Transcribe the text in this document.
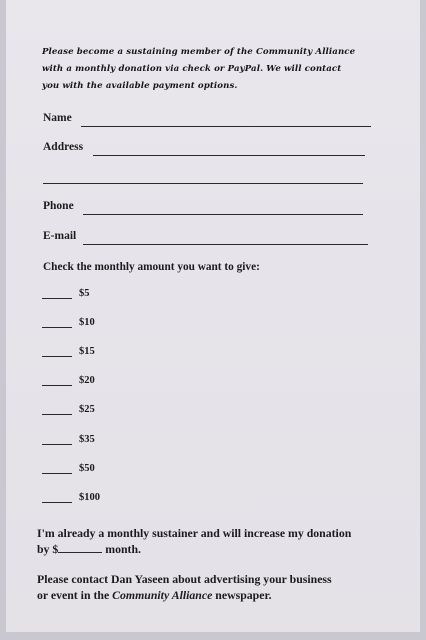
Please become a sustaining member of the Community Alliance
with a monthly donation via check or PayPal. We will contact
you with the available payment options.
Name
Address
Phone
E-mail
Check the monthly amount you want to give:
$5
$10
$15
$20
$25
$35
$50
$100
I'm already a monthly sustainer and will increase my donation
by $	month.
Please contact Dan Yaseen about advertising your business
or event in the Community Alliance newspaper.
